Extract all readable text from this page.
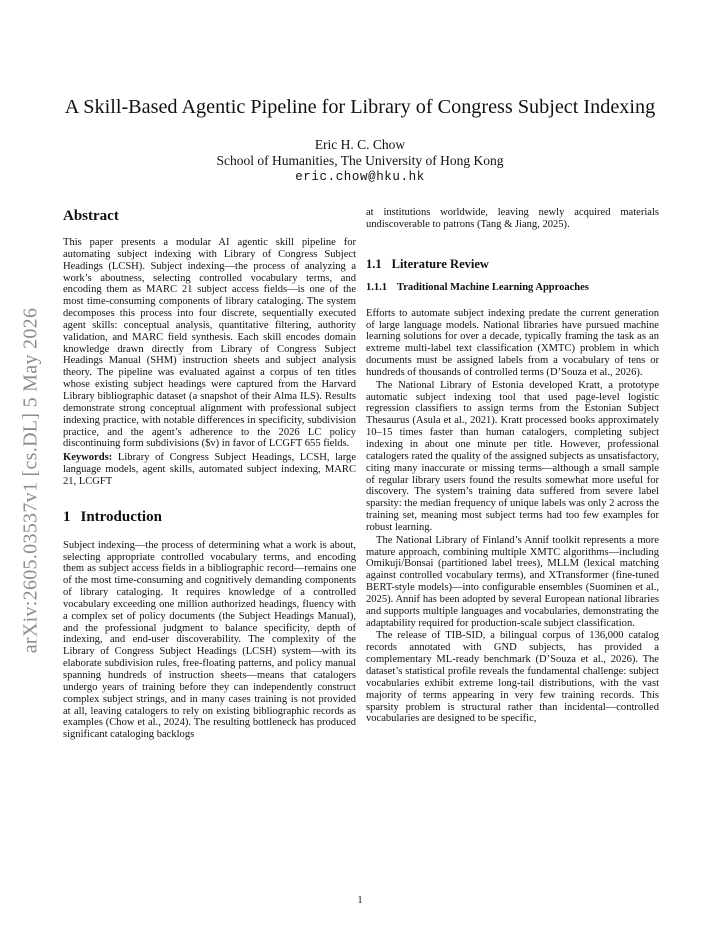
arXiv:2605.03537v1 [cs.DL] 5 May 2026
A Skill-Based Agentic Pipeline for Library of Congress Subject Indexing
Eric H. C. Chow
School of Humanities, The University of Hong Kong
eric.chow@hku.hk
Abstract

This paper presents a modular AI agentic skill pipeline for automating subject indexing with Library of Congress Subject Headings (LCSH). Subject indexing—the process of analyzing a work’s aboutness, selecting controlled vocabulary terms, and encoding them as MARC 21 subject access fields—is one of the most time-consuming components of library cataloging. The system decomposes this process into four discrete, sequentially executed agent skills: conceptual analysis, quantitative filtering, authority validation, and MARC field synthesis. Each skill encodes domain knowledge drawn directly from Library of Congress Subject Headings Manual (SHM) instruction sheets and subject analysis theory. The pipeline was evaluated against a corpus of ten titles whose existing subject headings were captured from the Harvard Library bibliographic dataset (a snapshot of their Alma ILS). Results demonstrate strong conceptual alignment with professional subject indexing practice, with notable differences in specificity, subdivision practice, and the agent’s adherence to the 2026 LC policy discontinuing form subdivisions ($v) in favor of LCGFT 655 fields.

Keywords: Library of Congress Subject Headings, LCSH, large language models, agent skills, automated subject indexing, MARC 21, LCGFT

1 Introduction

Subject indexing—the process of determining what a work is about, selecting appropriate controlled vocabulary terms, and encoding them as subject access fields in a bibliographic record—remains one of the most time-consuming and cognitively demanding components of library cataloging. It requires knowledge of a controlled vocabulary exceeding one million authorized headings, fluency with a complex set of policy documents (the Subject Headings Manual), and the professional judgment to balance specificity, depth of indexing, and end-user discoverability. The complexity of the Library of Congress Subject Headings (LCSH) system—with its elaborate subdivision rules, free-floating patterns, and policy manual spanning hundreds of instruction sheets—means that catalogers undergo years of training before they can independently construct complex subject strings, and in many cases training is not provided at all, leaving catalogers to rely on existing bibliographic records as examples (Chow et al., 2024). The resulting bottleneck has produced significant cataloging backlogs

at institutions worldwide, leaving newly acquired materials undiscoverable to patrons (Tang & Jiang, 2025).

1.1 Literature Review
1.1.1 Traditional Machine Learning Approaches

Efforts to automate subject indexing predate the current generation of large language models. National libraries have pursued machine learning solutions for over a decade, typically framing the task as an extreme multi-label text classification (XMTC) problem in which documents must be assigned labels from a vocabulary of tens or hundreds of thousands of controlled terms (D’Souza et al., 2026).

The National Library of Estonia developed Kratt, a prototype automatic subject indexing tool that used page-level logistic regression classifiers to assign terms from the Estonian Subject Thesaurus (Asula et al., 2021). Kratt processed books approximately 10–15 times faster than human catalogers, completing subject indexing in about one minute per title. However, professional catalogers rated the quality of the assigned subjects as unsatisfactory, citing many inaccurate or missing terms—although a small sample of regular library users found the results somewhat more useful for discovery. The system’s training data suffered from severe label sparsity: the median frequency of unique labels was only 2 across the training set, meaning most subject terms had too few examples for robust learning.

The National Library of Finland’s Annif toolkit represents a more mature approach, combining multiple XMTC algorithms—including Omikuji/Bonsai (partitioned label trees), MLLM (lexical matching against controlled vocabulary terms), and XTransformer (fine-tuned BERT-style models)—into configurable ensembles (Suominen et al., 2025). Annif has been adopted by several European national libraries and supports multiple languages and vocabularies, demonstrating the adaptability required for production-scale subject classification.

The release of TIB-SID, a bilingual corpus of 136,000 catalog records annotated with GND subjects, has provided a complementary ML-ready benchmark (D’Souza et al., 2026). The dataset’s statistical profile reveals the fundamental challenge: subject vocabularies exhibit extreme long-tail distributions, with the vast majority of terms appearing in very few training records. This sparsity problem is structural rather than incidental—controlled vocabularies are designed to be specific,

1
